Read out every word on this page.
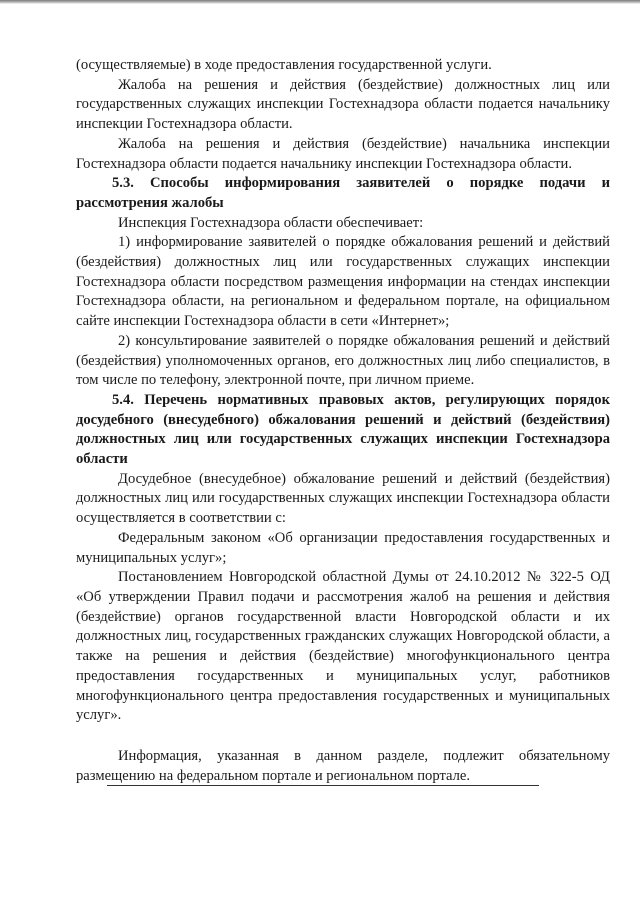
(осуществляемые) в ходе предоставления государственной услуги.

Жалоба на решения и действия (бездействие) должностных лиц или государственных служащих инспекции Гостехнадзора области подается начальнику инспекции Гостехнадзора области.

Жалоба на решения и действия (бездействие) начальника инспекции Гостехнадзора области подается начальнику инспекции Гостехнадзора области.

5.3. Способы информирования заявителей о порядке подачи и рассмотрения жалобы

Инспекция Гостехнадзора области обеспечивает:

1) информирование заявителей о порядке обжалования решений и действий (бездействия) должностных лиц или государственных служащих инспекции Гостехнадзора области посредством размещения информации на стендах инспекции Гостехнадзора области, на региональном и федеральном портале, на официальном сайте инспекции Гостехнадзора области в сети «Интернет»;

2) консультирование заявителей о порядке обжалования решений и действий (бездействия) уполномоченных органов, его должностных лиц либо специалистов, в том числе по телефону, электронной почте, при личном приеме.

5.4. Перечень нормативных правовых актов, регулирующих порядок досудебного (внесудебного) обжалования решений и действий (бездействия) должностных лиц или государственных служащих инспекции Гостехнадзора области

Досудебное (внесудебное) обжалование решений и действий (бездействия) должностных лиц или государственных служащих инспекции Гостехнадзора области осуществляется в соответствии с:

Федеральным законом «Об организации предоставления государственных и муниципальных услуг»;

Постановлением Новгородской областной Думы от 24.10.2012 № 322-5 ОД «Об утверждении Правил подачи и рассмотрения жалоб на решения и действия (бездействие) органов государственной власти Новгородской области и их должностных лиц, государственных гражданских служащих Новгородской области, а также на решения и действия (бездействие) многофункционального центра предоставления государственных и муниципальных услуг, работников многофункционального центра предоставления государственных и муниципальных услуг».

Информация, указанная в данном разделе, подлежит обязательному размещению на федеральном портале и региональном портале.
